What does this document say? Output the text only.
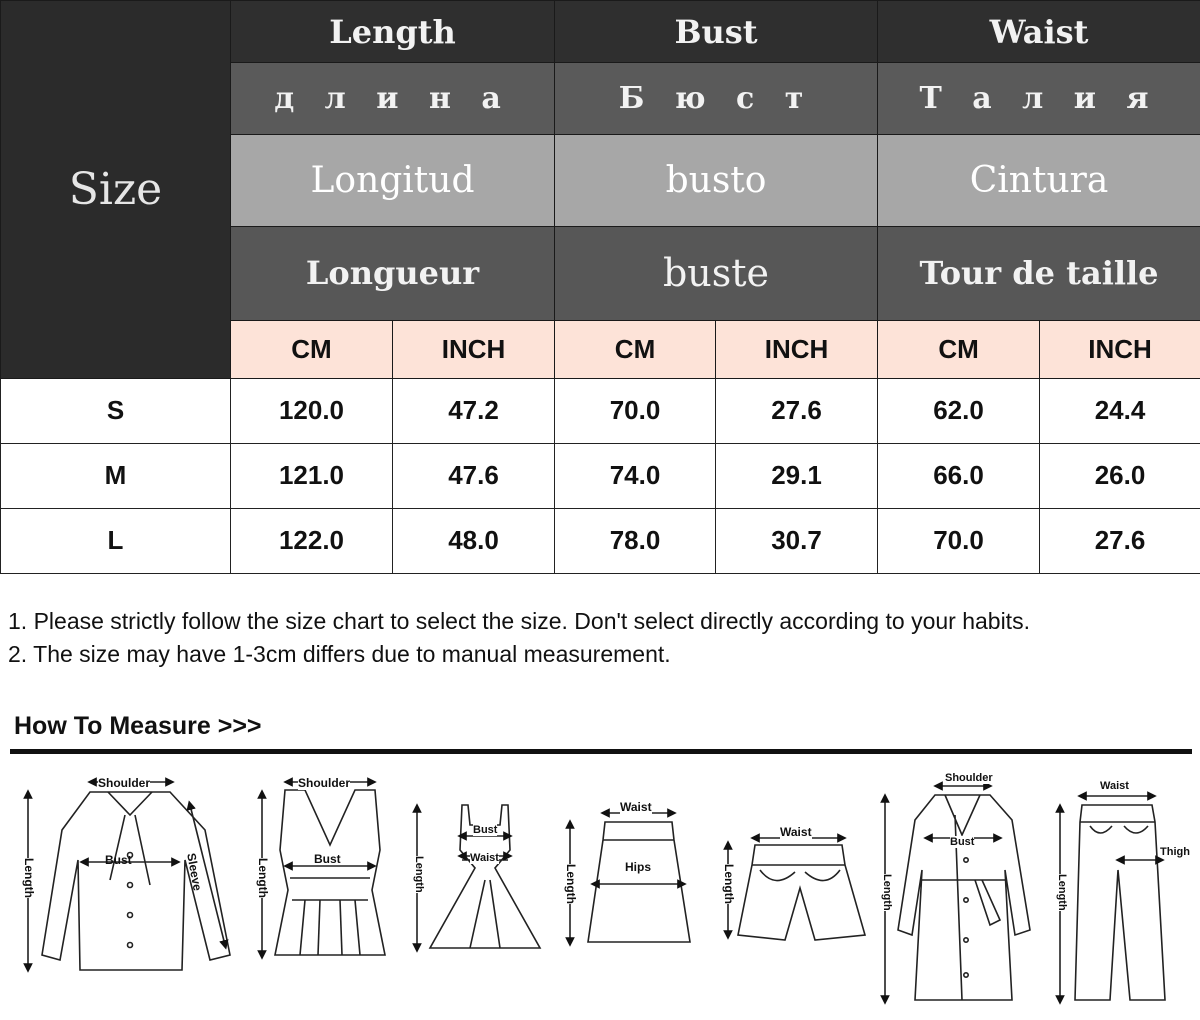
Size	Length		Bust		Waist	
	д л и н а		Б ю с т		Т а л и я	
	Longitud		busto		Cintura	
	Longueur		buste		Tour de taille	
	CM	INCH	CM	INCH	CM	INCH
S	120.0	47.2	70.0	27.6	62.0	24.4
M	121.0	47.6	74.0	29.1	66.0	26.0
L	122.0	48.0	78.0	30.7	70.0	27.6

1. Please strictly follow the size chart to select the size. Don't select directly according to your habits.

2. The size may have 1-3cm differs due to manual measurement.

How To Measure >>>
Shoulder
Bust	Sleeve
Length
Shoulder
Bust
Length
Bust
Waist
Length
Waist
Hips
Length
Waist
Length
Shoulder
Bust
Length
Waist
Thigh
Length
